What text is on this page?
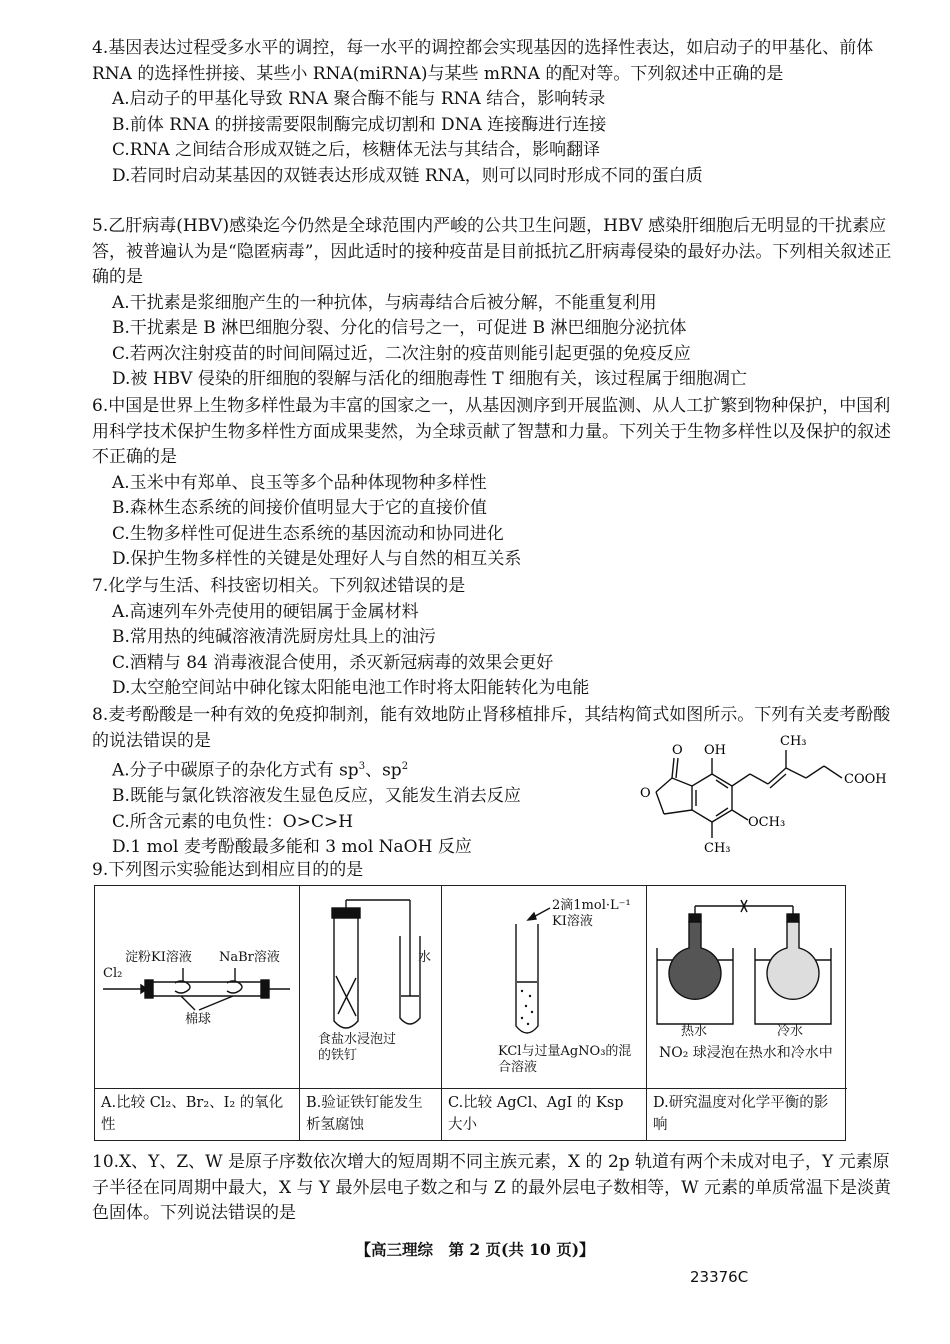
4.基因表达过程受多水平的调控，每一水平的调控都会实现基因的选择性表达，如启动子的甲基化、前体 RNA 的选择性拼接、某些小 RNA(miRNA)与某些 mRNA 的配对等。下列叙述中正确的是

A.启动子的甲基化导致 RNA 聚合酶不能与 RNA 结合，影响转录

B.前体 RNA 的拼接需要限制酶完成切割和 DNA 连接酶进行连接

C.RNA 之间结合形成双链之后，核糖体无法与其结合，影响翻译

D.若同时启动某基因的双链表达形成双链 RNA，则可以同时形成不同的蛋白质

5.乙肝病毒(HBV)感染迄今仍然是全球范围内严峻的公共卫生问题，HBV 感染肝细胞后无明显的干扰素应答，被普遍认为是“隐匿病毒”，因此适时的接种疫苗是目前抵抗乙肝病毒侵染的最好办法。下列相关叙述正确的是

A.干扰素是浆细胞产生的一种抗体，与病毒结合后被分解，不能重复利用

B.干扰素是 B 淋巴细胞分裂、分化的信号之一，可促进 B 淋巴细胞分泌抗体

C.若两次注射疫苗的时间间隔过近，二次注射的疫苗则能引起更强的免疫反应

D.被 HBV 侵染的肝细胞的裂解与活化的细胞毒性 T 细胞有关，该过程属于细胞凋亡

6.中国是世界上生物多样性最为丰富的国家之一，从基因测序到开展监测、从人工扩繁到物种保护，中国利用科学技术保护生物多样性方面成果斐然，为全球贡献了智慧和力量。下列关于生物多样性以及保护的叙述不正确的是

A.玉米中有郑单、良玉等多个品种体现物种多样性

B.森林生态系统的间接价值明显大于它的直接价值

C.生物多样性可促进生态系统的基因流动和协同进化

D.保护生物多样性的关键是处理好人与自然的相互关系

7.化学与生活、科技密切相关。下列叙述错误的是

A.高速列车外壳使用的硬铝属于金属材料

B.常用热的纯碱溶液清洗厨房灶具上的油污

C.酒精与 84 消毒液混合使用，杀灭新冠病毒的效果会更好

D.太空舱空间站中砷化镓太阳能电池工作时将太阳能转化为电能

8.麦考酚酸是一种有效的免疫抑制剂，能有效地防止肾移植排斥，其结构简式如图所示。下列有关麦考酚酸的说法错误的是

A.分子中碳原子的杂化方式有 $sp^3$、$sp^2$

B.既能与氯化铁溶液发生显色反应，又能发生消去反应

C.所含元素的电负性：O>C>H

D.1 mol 麦考酚酸最多能和 3 mol NaOH 反应

O OH
CH₃
COOH
O
OCH₃
CH₃

9.下列图示实验能达到相应目的的是

淀粉KI溶液 NaBr溶液
Cl₂
棉球
A.比较 Cl₂、Br₂、I₂ 的氧化性
水
食盐水浸泡过的铁钉
B.验证铁钉能发生析氢腐蚀
2滴1mol·L⁻¹ KI溶液
KCl与过量AgNO₃的混合溶液
C.比较 AgCl、AgI 的 Ksp 大小
热水	冷水
NO₂ 球浸泡在热水和冷水中
D.研究温度对化学平衡的影响

10.X、Y、Z、W 是原子序数依次增大的短周期不同主族元素，X 的 2p 轨道有两个未成对电子，Y 元素原子半径在同周期中最大，X 与 Y 最外层电子数之和与 Z 的最外层电子数相等，W 元素的单质常温下是淡黄色固体。下列说法错误的是

【高三理综　第 2 页(共 10 页)】
23376C
